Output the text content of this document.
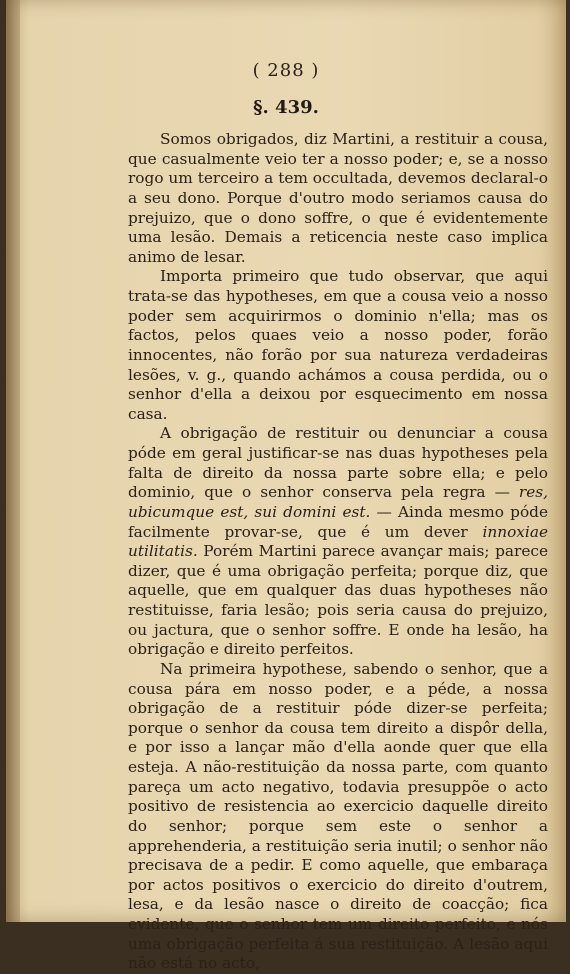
( 288 )
§. 439.

Somos obrigados, diz Martini, a restituir a cousa, que casualmente veio ter a nosso poder; e, se a nosso rogo um terceiro a tem occultada, devemos declaral-o a seu dono. Porque d'outro modo seriamos causa do prejuizo, que o dono soffre, o que é evidentemente uma lesão. Demais a reticencia neste caso implica animo de lesar.

Importa primeiro que tudo observar, que aqui trata-se das hypotheses, em que a cousa veio a nosso poder sem acquirirmos o dominio n'ella; mas os factos, pelos quaes veio a nosso poder, forão innocentes, não forão por sua natureza verdadeiras lesões, v. g., quando achámos a cousa perdida, ou o senhor d'ella a deixou por esquecimento em nossa casa.

A obrigação de restituir ou denunciar a cousa póde em geral justificar-se nas duas hypotheses pela falta de direito da nossa parte sobre ella; e pelo dominio, que o senhor conserva pela regra — res, ubicumque est, sui domini est. — Ainda mesmo póde facilmente provar-se, que é um dever innoxiae utilitatis. Porém Martini parece avançar mais; parece dizer, que é uma obrigação perfeita; porque diz, que aquelle, que em qualquer das duas hypotheses não restituisse, faria lesão; pois seria causa do prejuizo, ou jactura, que o senhor soffre. E onde ha lesão, ha obrigação e direito perfeitos.

Na primeira hypothese, sabendo o senhor, que a cousa pára em nosso poder, e a péde, a nossa obrigação de a restituir póde dizer-se perfeita; porque o senhor da cousa tem direito a dispôr della, e por isso a lançar mão d'ella aonde quer que ella esteja. A não-restituição da nossa parte, com quanto pareça um acto negativo, todavia presuppõe o acto positivo de resistencia ao exercicio daquelle direito do senhor; porque sem este o senhor a apprehenderia, a restituição seria inutil; o senhor não precisava de a pedir. E como aquelle, que embaraça por actos positivos o exercicio do direito d'outrem, lesa, e da lesão nasce o direito de coacção; fica evidente, que o senhor tem um direito perfeito, e nós uma obrigação perfeita á sua restituição. A lesão aqui não está no acto,
